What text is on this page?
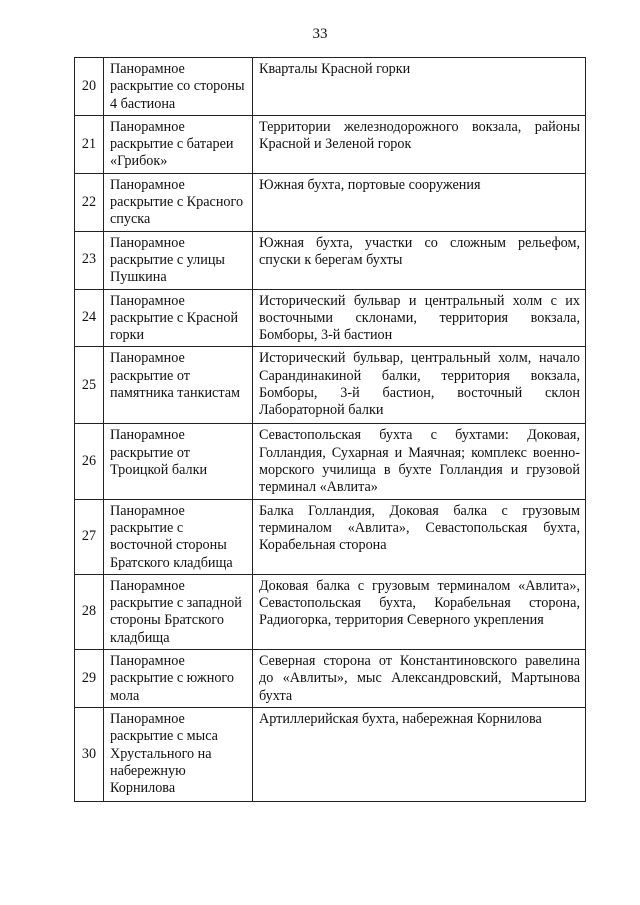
33
20	Панорамное раскрытие со стороны 4 бастиона	Кварталы Красной горки
21	Панорамное раскрытие с батареи «Грибок»	Территории железнодорожного вокзала, районы Красной и Зеленой горок
22	Панорамное раскрытие с Красного спуска	Южная бухта, портовые сооружения
23	Панорамное раскрытие с улицы Пушкина	Южная бухта, участки со сложным рельефом, спуски к берегам бухты
24	Панорамное раскрытие с Красной горки	Исторический бульвар и центральный холм с их восточными склонами, территория вокзала, Бомборы, 3-й бастион
25	Панорамное раскрытие от памятника танкистам	Исторический бульвар, центральный холм, начало Сарандинакиной балки, территория вокзала, Бомборы, 3-й бастион, восточный склон Лабораторной балки
26	Панорамное раскрытие от Троицкой балки	Севастопольская бухта с бухтами: Доковая, Голландия, Сухарная и Маячная; комплекс военно-морского училища в бухте Голландия и грузовой терминал «Авлита»
27	Панорамное раскрытие с восточной стороны Братского кладбища	Балка Голландия, Доковая балка с грузовым терминалом «Авлита», Севастопольская бухта, Корабельная сторона
28	Панорамное раскрытие с западной стороны Братского кладбища	Доковая балка с грузовым терминалом «Авлита», Севастопольская бухта, Корабельная сторона, Радиогорка, территория Северного укрепления
29	Панорамное раскрытие с южного мола	Северная сторона от Константиновского равелина до «Авлиты», мыс Александровский, Мартынова бухта
30	Панорамное раскрытие с мыса Хрустального на набережную Корнилова	Артиллерийская бухта, набережная Корнилова
